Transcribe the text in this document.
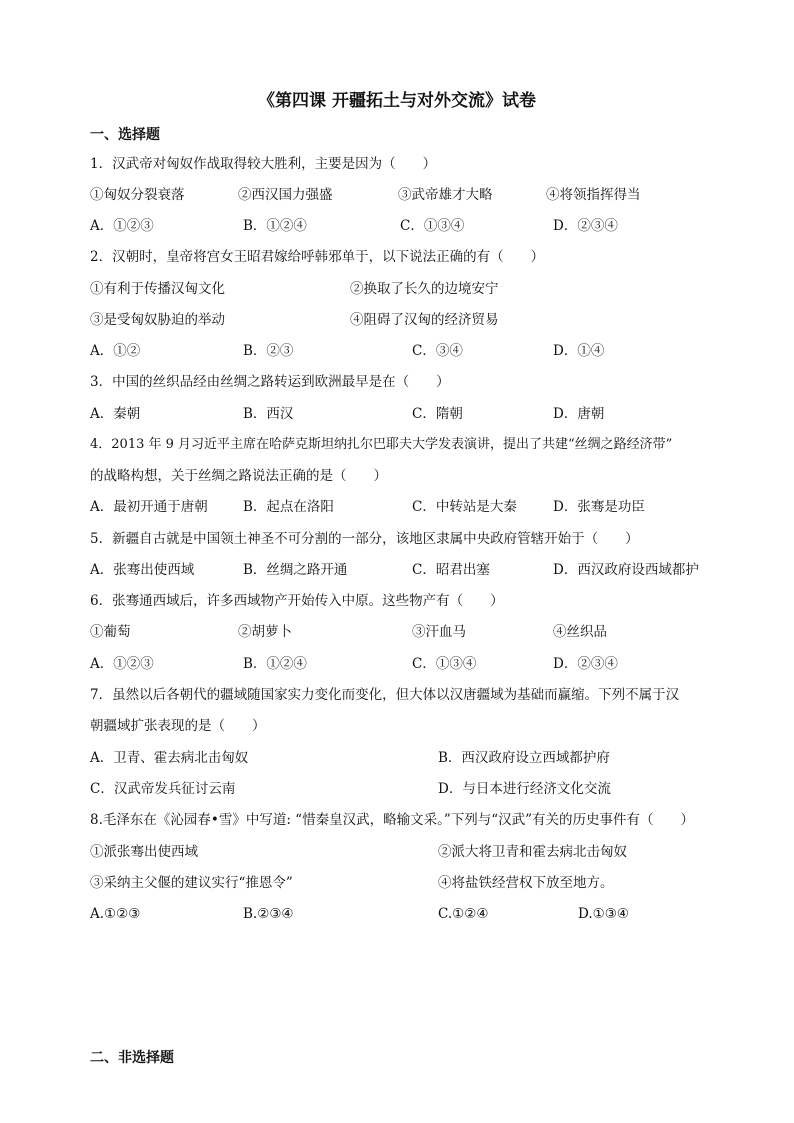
《第四课 开疆拓土与对外交流》试卷
一、选择题
1．汉武帝对匈奴作战取得较大胜利，主要是因为（　　）
①匈奴分裂衰落	②西汉国力强盛	③武帝雄才大略	④将领指挥得当
A．①②③	B．①②④	C．①③④	D．②③④
2．汉朝时，皇帝将宫女王昭君嫁给呼韩邪单于，以下说法正确的有（　　）
①有利于传播汉匈文化	②换取了长久的边境安宁
③是受匈奴胁迫的举动	④阻碍了汉匈的经济贸易
A．①②	B．②③	C．③④	D．①④
3．中国的丝织品经由丝绸之路转运到欧洲最早是在（　　）
A．秦朝	B．西汉	C．隋朝	D．唐朝
4．2013 年 9 月习近平主席在哈萨克斯坦纳扎尔巴耶夫大学发表演讲，提出了共建“丝绸之路经济带”
的战略构想，关于丝绸之路说法正确的是（　　）
A．最初开通于唐朝	B．起点在洛阳	C．中转站是大秦	D．张骞是功臣
5．新疆自古就是中国领土神圣不可分割的一部分，该地区隶属中央政府管辖开始于（　　）
A．张骞出使西域	B．丝绸之路开通	C．昭君出塞	D．西汉政府设西域都护
6．张骞通西域后，许多西域物产开始传入中原。这些物产有（　　）
①葡萄	②胡萝卜	③汗血马	④丝织品
A．①②③	B．①②④	C．①③④	D．②③④
7．虽然以后各朝代的疆域随国家实力变化而变化，但大体以汉唐疆域为基础而赢缩。下列不属于汉
朝疆域扩张表现的是（　　）
A．卫青、霍去病北击匈奴	B．西汉政府设立西域都护府
C．汉武帝发兵征讨云南	D．与日本进行经济文化交流
8.毛泽东在《沁园春•雪》中写道: “惜秦皇汉武，略输文采。”下列与“汉武”有关的历史事件有（　　）
①派张骞出使西域	②派大将卫青和霍去病北击匈奴
③采纳主父偃的建议实行“推恩令”	④将盐铁经营权下放至地方。
A.①②③	B.②③④	C.①②④	D.①③④
二、非选择题
